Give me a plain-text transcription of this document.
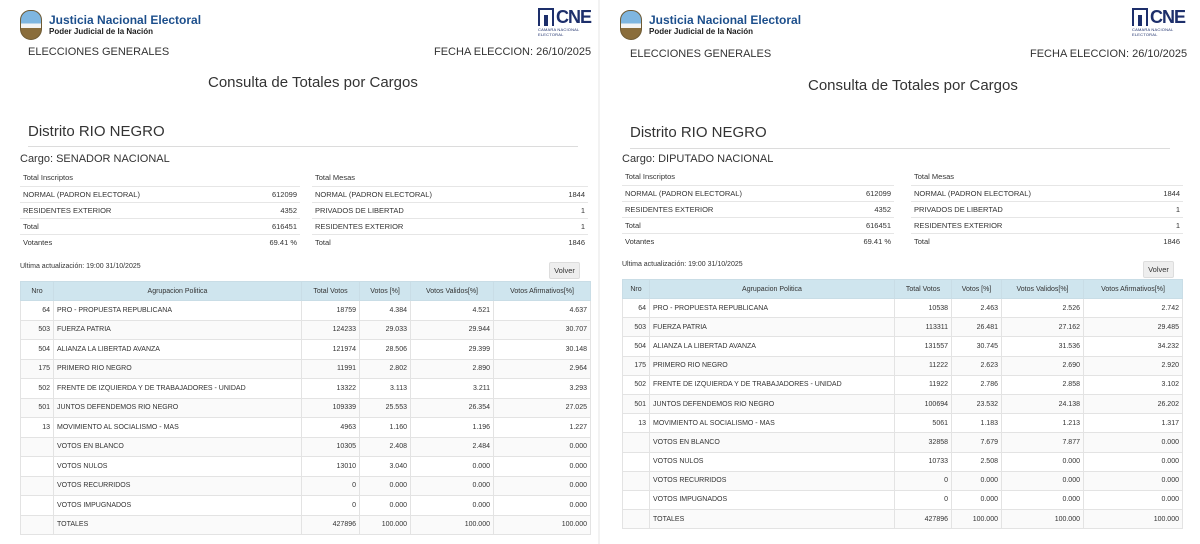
Justicia Nacional Electoral
Poder Judicial de la Nación
CNE
CAMARA NACIONAL ELECTORAL
ELECCIONES GENERALES	FECHA ELECCION: 26/10/2025
Consulta de Totales por Cargos
Distrito RIO NEGRO
Cargo: SENADOR NACIONAL
Total Inscriptos	
NORMAL (PADRON ELECTORAL)	612099
RESIDENTES EXTERIOR	4352
Total	616451
Votantes	69.41 %
Total Mesas	
NORMAL (PADRON ELECTORAL)	1844
PRIVADOS DE LIBERTAD	1
RESIDENTES EXTERIOR	1
Total	1846
Ultima actualización: 19:00 31/10/2025	Volver
Nro	Agrupacion Politica	Total Votos	Votos [%]	Votos Validos[%]	Votos Afirmativos[%]
64	PRO - PROPUESTA REPUBLICANA	18759	4.384	4.521	4.637
503	FUERZA PATRIA	124233	29.033	29.944	30.707
504	ALIANZA LA LIBERTAD AVANZA	121974	28.506	29.399	30.148
175	PRIMERO RIO NEGRO	11991	2.802	2.890	2.964
502	FRENTE DE IZQUIERDA Y DE TRABAJADORES - UNIDAD	13322	3.113	3.211	3.293
501	JUNTOS DEFENDEMOS RIO NEGRO	109339	25.553	26.354	27.025
13	MOVIMIENTO AL SOCIALISMO - MAS	4963	1.160	1.196	1.227
	VOTOS EN BLANCO	10305	2.408	2.484	0.000
	VOTOS NULOS	13010	3.040	0.000	0.000
	VOTOS RECURRIDOS	0	0.000	0.000	0.000
	VOTOS IMPUGNADOS	0	0.000	0.000	0.000
	TOTALES	427896	100.000	100.000	100.000
Justicia Nacional Electoral
Poder Judicial de la Nación
CNE
CAMARA NACIONAL ELECTORAL
ELECCIONES GENERALES	FECHA ELECCION: 26/10/2025
Consulta de Totales por Cargos
Distrito RIO NEGRO
Cargo: DIPUTADO NACIONAL
Total Inscriptos	
NORMAL (PADRON ELECTORAL)	612099
RESIDENTES EXTERIOR	4352
Total	616451
Votantes	69.41 %
Total Mesas	
NORMAL (PADRON ELECTORAL)	1844
PRIVADOS DE LIBERTAD	1
RESIDENTES EXTERIOR	1
Total	1846
Ultima actualización: 19:00 31/10/2025
Volver
Nro	Agrupacion Politica	Total Votos	Votos [%]	Votos Validos[%]	Votos Afirmativos[%]
64	PRO - PROPUESTA REPUBLICANA	10538	2.463	2.526	2.742
503	FUERZA PATRIA	113311	26.481	27.162	29.485
504	ALIANZA LA LIBERTAD AVANZA	131557	30.745	31.536	34.232
175	PRIMERO RIO NEGRO	11222	2.623	2.690	2.920
502	FRENTE DE IZQUIERDA Y DE TRABAJADORES - UNIDAD	11922	2.786	2.858	3.102
501	JUNTOS DEFENDEMOS RIO NEGRO	100694	23.532	24.138	26.202
13	MOVIMIENTO AL SOCIALISMO - MAS	5061	1.183	1.213	1.317
	VOTOS EN BLANCO	32858	7.679	7.877	0.000
	VOTOS NULOS	10733	2.508	0.000	0.000
	VOTOS RECURRIDOS	0	0.000	0.000	0.000
	VOTOS IMPUGNADOS	0	0.000	0.000	0.000
	TOTALES	427896	100.000	100.000	100.000
